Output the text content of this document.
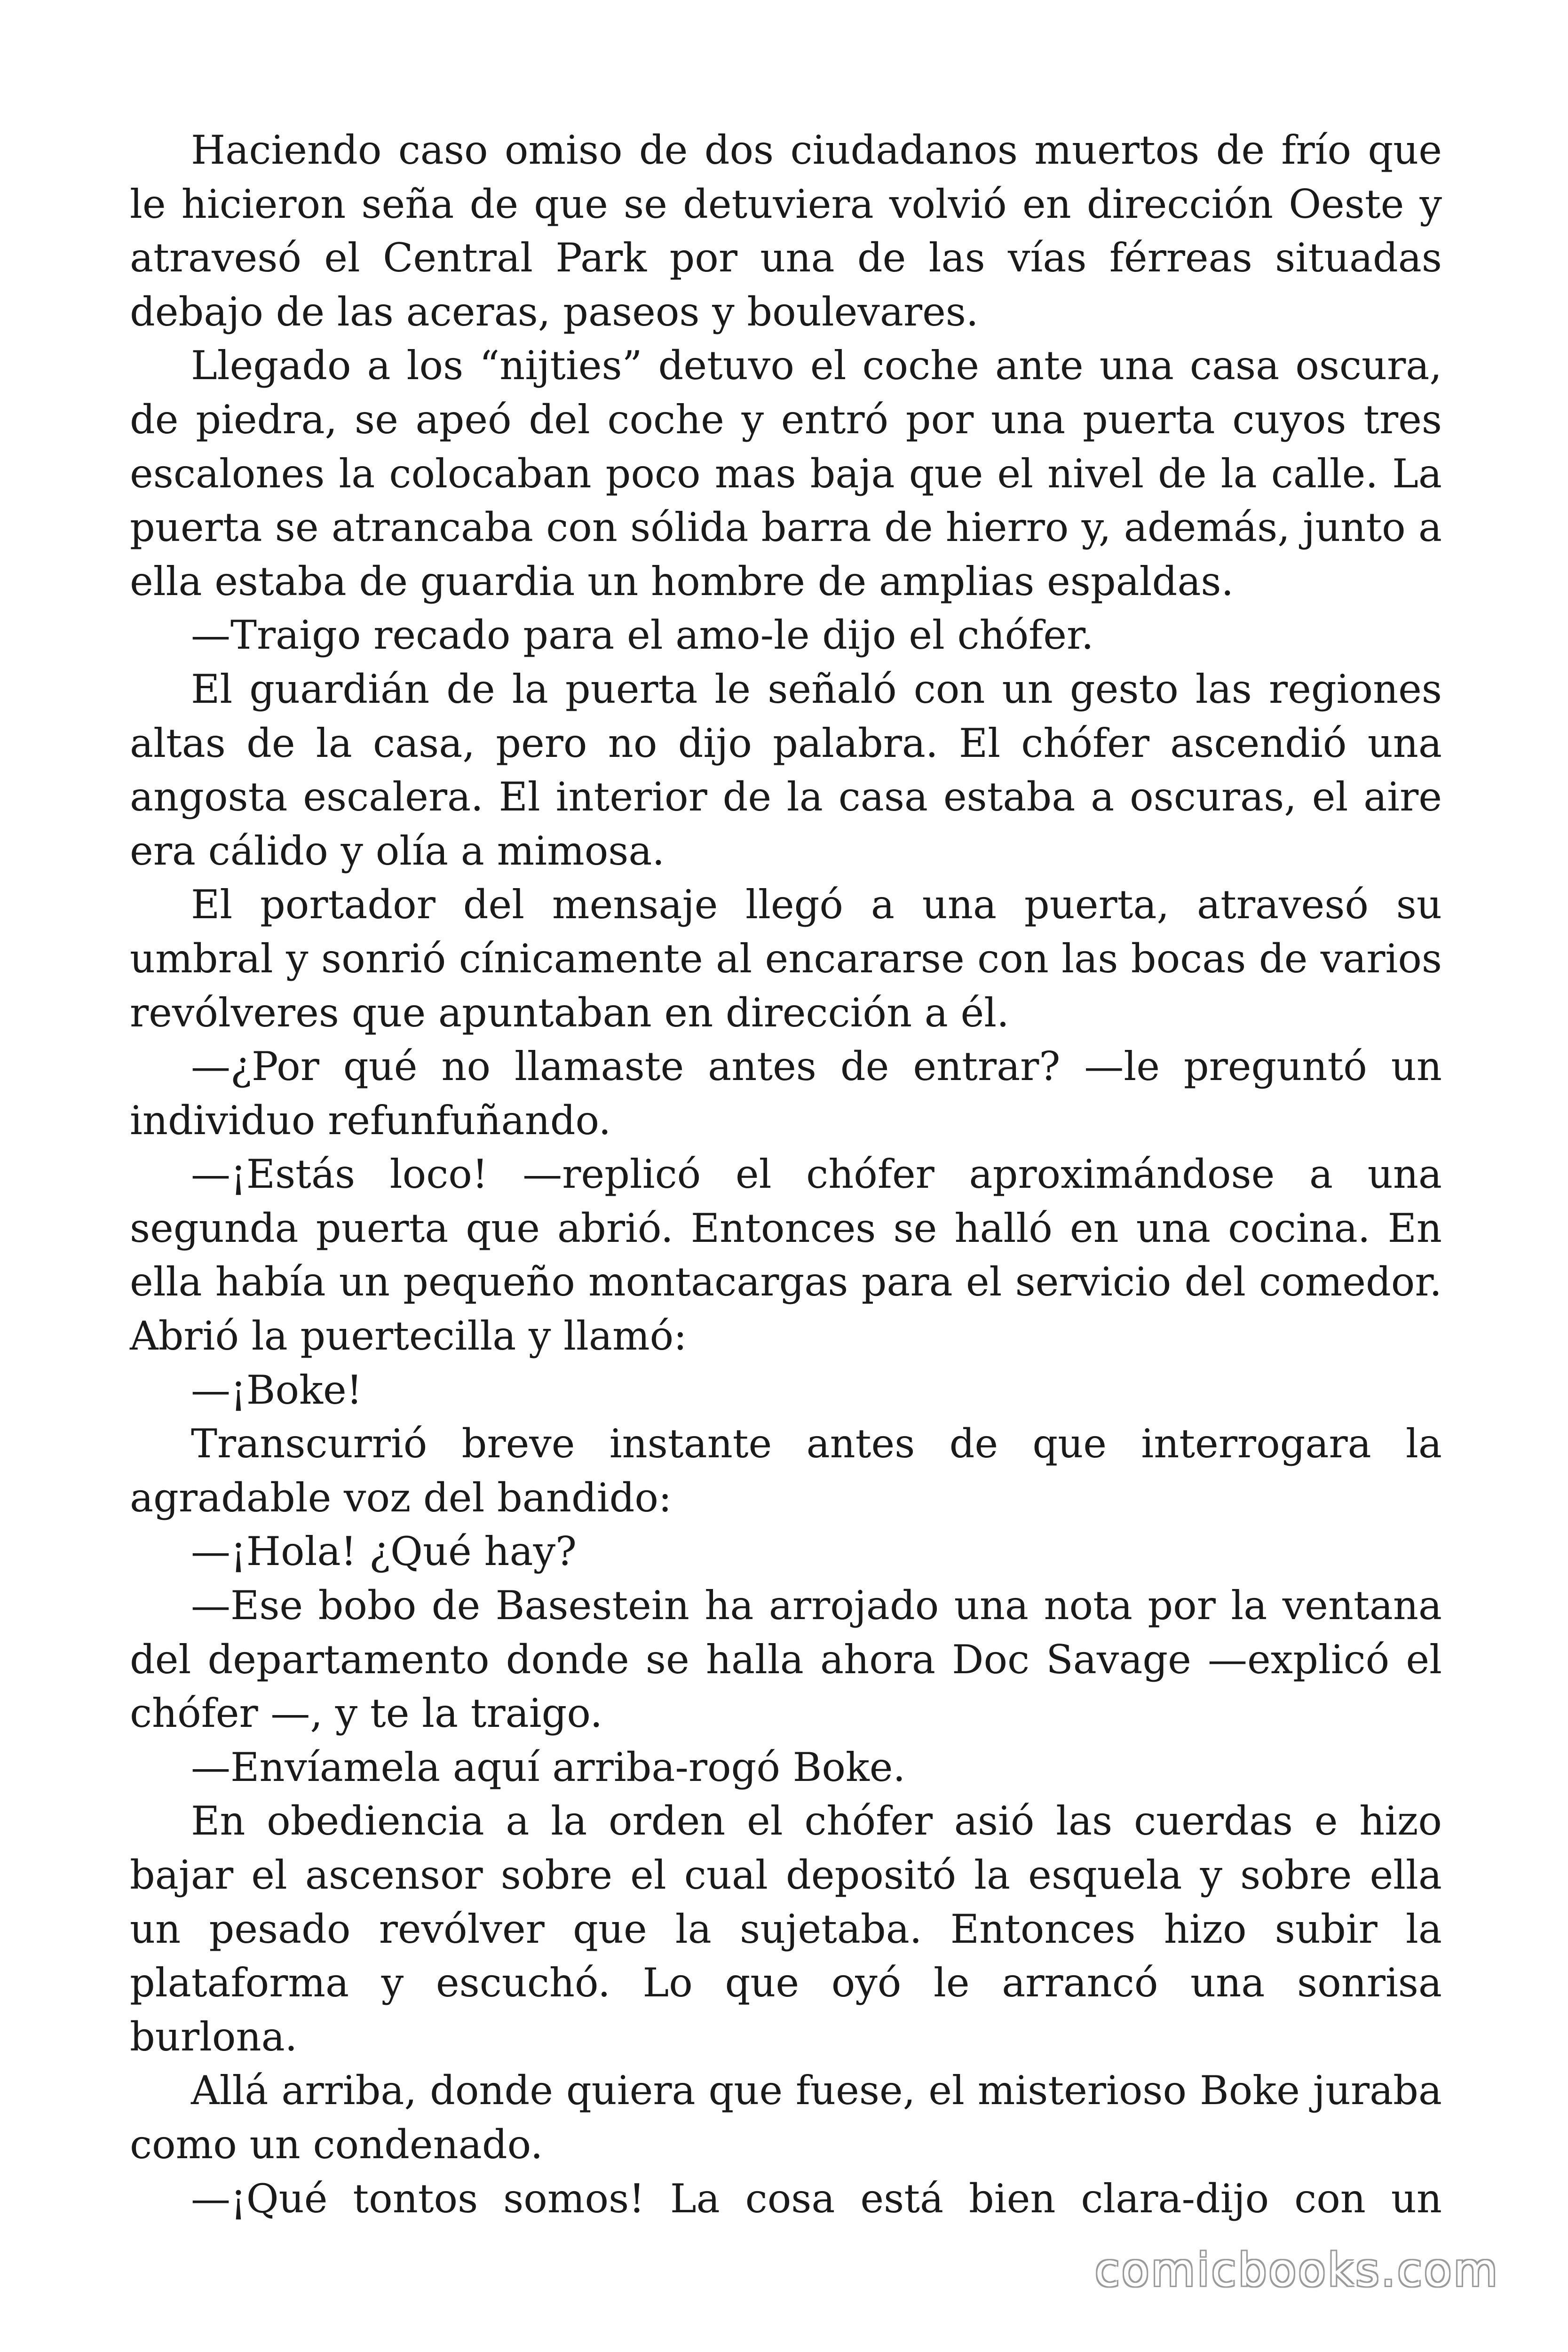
Haciendo caso omiso de dos ciudadanos muertos de frío que le hicieron seña de que se detuviera volvió en dirección Oeste y atravesó el Central Park por una de las vías férreas situadas debajo de las aceras, paseos y boulevares.

Llegado a los “nijties” detuvo el coche ante una casa oscura, de piedra, se apeó del coche y entró por una puerta cuyos tres escalones la colocaban poco mas baja que el nivel de la calle. La puerta se atrancaba con sólida barra de hierro y, además, junto a ella estaba de guardia un hombre de amplias espaldas.

—Traigo recado para el amo-le dijo el chófer.

El guardián de la puerta le señaló con un gesto las regiones altas de la casa, pero no dijo palabra. El chófer ascendió una angosta escalera. El interior de la casa estaba a oscuras, el aire era cálido y olía a mimosa.

El portador del mensaje llegó a una puerta, atravesó su umbral y sonrió cínicamente al encararse con las bocas de varios revólveres que apuntaban en dirección a él.

—¿Por qué no llamaste antes de entrar? —le preguntó un individuo refunfuñando.

—¡Estás loco! —replicó el chófer aproximándose a una segunda puerta que abrió. Entonces se halló en una cocina. En ella había un pequeño montacargas para el servicio del comedor. Abrió la puertecilla y llamó:

—¡Boke!

Transcurrió breve instante antes de que interrogara la agradable voz del bandido:

—¡Hola! ¿Qué hay?

—Ese bobo de Basestein ha arrojado una nota por la ventana del departamento donde se halla ahora Doc Savage —explicó el chófer —, y te la traigo.

—Envíamela aquí arriba-rogó Boke.

En obediencia a la orden el chófer asió las cuerdas e hizo bajar el ascensor sobre el cual depositó la esquela y sobre ella un pesado revólver que la sujetaba. Entonces hizo subir la plataforma y escuchó. Lo que oyó le arrancó una sonrisa burlona.

Allá arriba, donde quiera que fuese, el misterioso Boke juraba como un condenado.

—¡Qué tontos somos! La cosa está bien clara-dijo con un

comicbooks.com
